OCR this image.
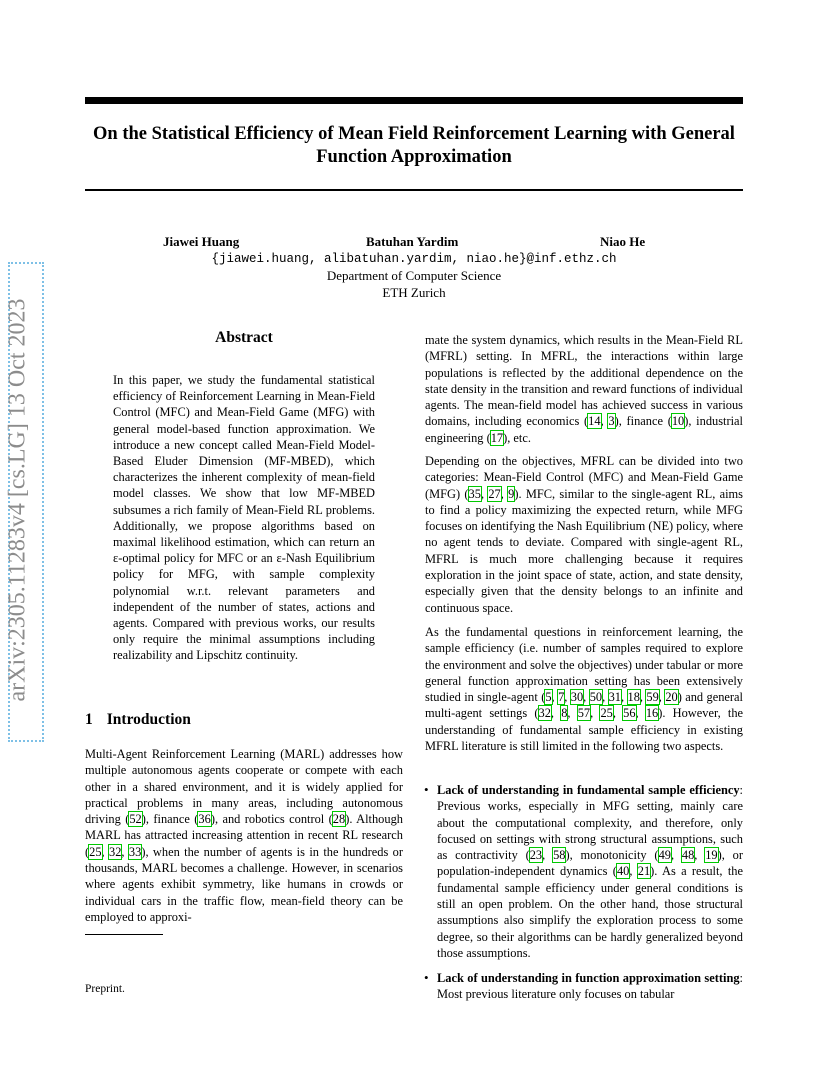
On the Statistical Efficiency of Mean Field Reinforcement Learning with General Function Approximation
Jiawei Huang	Batuhan Yardim	Niao He
{jiawei.huang, alibatuhan.yardim, niao.he}@inf.ethz.ch
Department of Computer Science
ETH Zurich
arXiv:2305.11283v4 [cs.LG] 13 Oct 2023	Abstract
In this paper, we study the fundamental statistical efficiency of Reinforcement Learning in Mean-Field Control (MFC) and Mean-Field Game (MFG) with general model-based function approximation. We introduce a new concept called Mean-Field Model-Based Eluder Dimension (MF-MBED), which characterizes the inherent complexity of mean-field model classes. We show that low MF-MBED subsumes a rich family of Mean-Field RL problems. Additionally, we propose algorithms based on maximal likelihood estimation, which can return an ε-optimal policy for MFC or an ε-Nash Equilibrium policy for MFG, with sample complexity polynomial w.r.t. relevant parameters and independent of the number of states, actions and agents. Compared with previous works, our results only require the minimal assumptions including realizability and Lipschitz continuity.
1 Introduction
Multi-Agent Reinforcement Learning (MARL) addresses how multiple autonomous agents cooperate or compete with each other in a shared environment, and it is widely applied for practical problems in many areas, including autonomous driving (52), finance (36), and robotics control (28). Although MARL has attracted increasing attention in recent RL research (25, 32, 33), when the number of agents is in the hundreds or thousands, MARL becomes a challenge. However, in scenarios where agents exhibit symmetry, like humans in crowds or individual cars in the traffic flow, mean-field theory can be employed to approxi-
Preprint.
mate the system dynamics, which results in the Mean-Field RL (MFRL) setting. In MFRL, the interactions within large populations is reflected by the additional dependence on the state density in the transition and reward functions of individual agents. The mean-field model has achieved success in various domains, including economics (14, 3), finance (10), industrial engineering (17), etc.
Depending on the objectives, MFRL can be divided into two categories: Mean-Field Control (MFC) and Mean-Field Game (MFG) (35, 27, 9). MFC, similar to the single-agent RL, aims to find a policy maximizing the expected return, while MFG focuses on identifying the Nash Equilibrium (NE) policy, where no agent tends to deviate. Compared with single-agent RL, MFRL is much more challenging because it requires exploration in the joint space of state, action, and state density, especially given that the density belongs to an infinite and continuous space.
As the fundamental questions in reinforcement learning, the sample efficiency (i.e. number of samples required to explore the environment and solve the objectives) under tabular or more general function approximation setting has been extensively studied in single-agent (5, 7, 30, 50, 31, 18, 59, 20) and general multi-agent settings (32, 8, 57, 25, 56, 16). However, the understanding of fundamental sample efficiency in existing MFRL literature is still limited in the following two aspects.
• Lack of understanding in fundamental sample efficiency: Previous works, especially in MFG setting, mainly care about the computational complexity, and therefore, only focused on settings with strong structural assumptions, such as contractivity (23, 58), monotonicity (49, 48, 19), or population-independent dynamics (40, 21). As a result, the fundamental sample efficiency under general conditions is still an open problem. On the other hand, those structural assumptions also simplify the exploration process to some degree, so their algorithms can be hardly generalized beyond those assumptions.
• Lack of understanding in function approximation setting: Most previous literature only focuses on tabular
